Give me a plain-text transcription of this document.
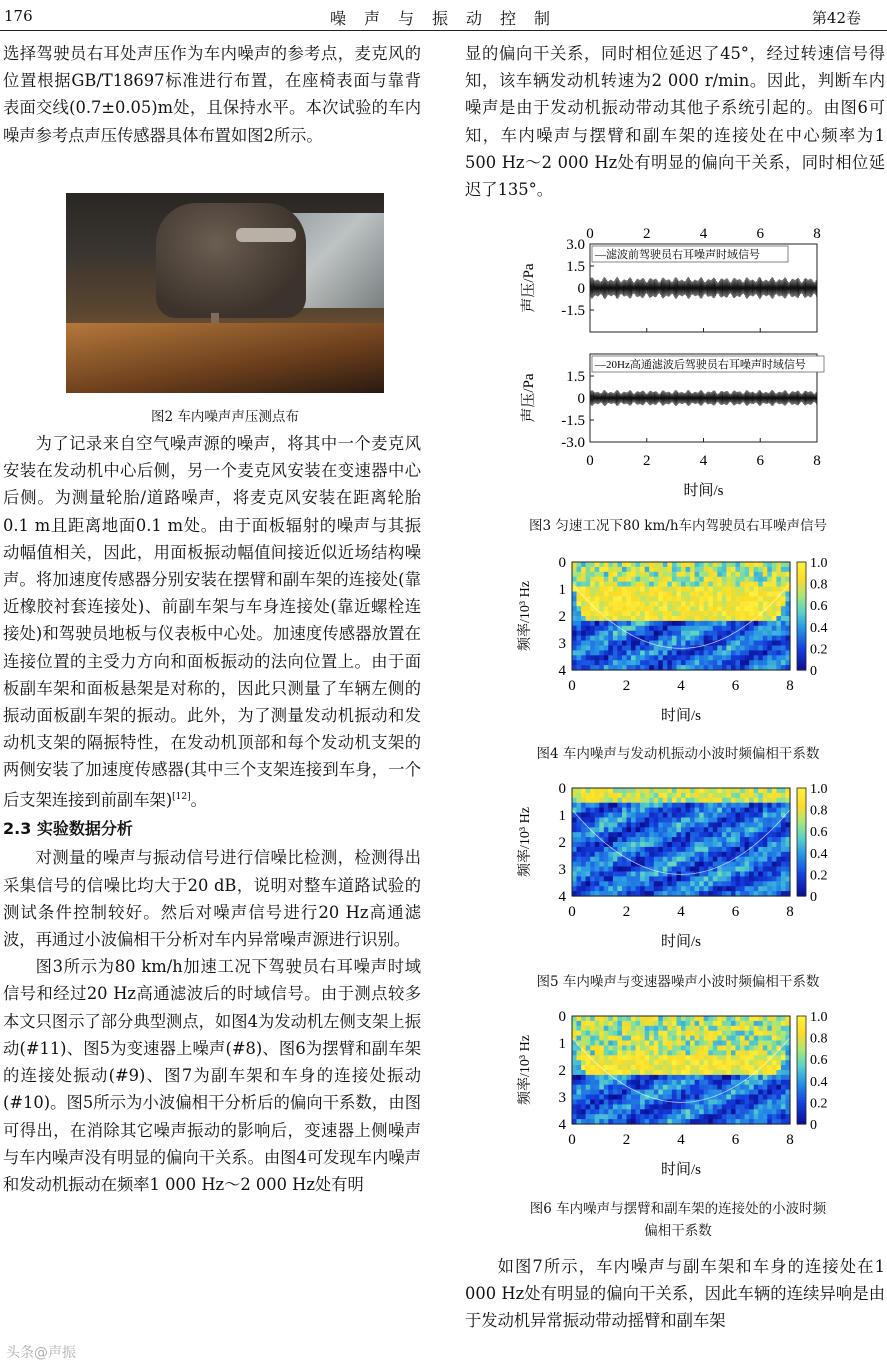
176	噪声与振动控制	第42卷

选择驾驶员右耳处声压作为车内噪声的参考点，麦克风的位置根据GB/T18697标准进行布置，在座椅表面与靠背表面交线(0.7±0.05)m处，且保持水平。本次试验的车内噪声参考点声压传感器具体布置如图2所示。

图2 车内噪声声压测点布

为了记录来自空气噪声源的噪声，将其中一个麦克风安装在发动机中心后侧，另一个麦克风安装在变速器中心后侧。为测量轮胎/道路噪声，将麦克风安装在距离轮胎0.1 m且距离地面0.1 m处。由于面板辐射的噪声与其振动幅值相关，因此，用面板振动幅值间接近似近场结构噪声。将加速度传感器分别安装在摆臂和副车架的连接处(靠近橡胶衬套连接处)、前副车架与车身连接处(靠近螺栓连接处)和驾驶员地板与仪表板中心处。加速度传感器放置在连接位置的主受力方向和面板振动的法向位置上。由于面板副车架和面板悬架是对称的，因此只测量了车辆左侧的振动面板副车架的振动。此外，为了测量发动机振动和发动机支架的隔振特性，在发动机顶部和每个发动机支架的两侧安装了加速度传感器(其中三个支架连接到车身，一个后支架连接到前副车架)[12]。

2.3 实验数据分析

对测量的噪声与振动信号进行信噪比检测，检测得出采集信号的信噪比均大于20 dB，说明对整车道路试验的测试条件控制较好。然后对噪声信号进行20 Hz高通滤波，再通过小波偏相干分析对车内异常噪声源进行识别。

图3所示为80 km/h加速工况下驾驶员右耳噪声时域信号和经过20 Hz高通滤波后的时域信号。由于测点较多本文只图示了部分典型测点，如图4为发动机左侧支架上振动(#11)、图5为变速器上噪声(#8)、图6为摆臂和副车架的连接处振动(#9)、图7为副车架和车身的连接处振动(#10)。图5所示为小波偏相干分析后的偏向干系数，由图可得出，在消除其它噪声振动的影响后，变速器上侧噪声与车内噪声没有明显的偏向干关系。由图4可发现车内噪声和发动机振动在频率1 000 Hz～2 000 Hz处有明

显的偏向干关系，同时相位延迟了45°，经过转速信号得知，该车辆发动机转速为2 000 r/min。因此，判断车内噪声是由于发动机振动带动其他子系统引起的。由图6可知，车内噪声与摆臂和副车架的连接处在中心频率为1 500 Hz～2 000 Hz处有明显的偏向干关系，同时相位延迟了135°。

0	2	4	6	8
0	2	4	6	8
时间/s
3.0
1.5
0
-1.5
声压/Pa
—滤波前驾驶员右耳噪声时域信号
1.5
0
-1.5
-3.0
声压/Pa
—20Hz高通滤波后驾驶员右耳噪声时域信号
图3 匀速工况下80 km/h车内驾驶员右耳噪声信号
0
1
2
3
4
0	2	4	6	8
时间/s
频率/10³ Hz
1.0
0.8
0.6
0.4
0.2
0
图4 车内噪声与发动机振动小波时频偏相干系数
0
1
2
3
4
0	2	4	6	8
时间/s
频率/10³ Hz
1.0
0.8
0.6
0.4
0.2
0
图5 车内噪声与变速器噪声小波时频偏相干系数
0
1
2
3
4
0	2	4	6	8
时间/s
频率/10³ Hz
1.0
0.8
0.6
0.4
0.2
0
图6 车内噪声与摆臂和副车架的连接处的小波时频
偏相干系数

如图7所示，车内噪声与副车架和车身的连接处在1 000 Hz处有明显的偏向干关系，因此车辆的连续异响是由于发动机异常振动带动摇臂和副车架

头条@声振
